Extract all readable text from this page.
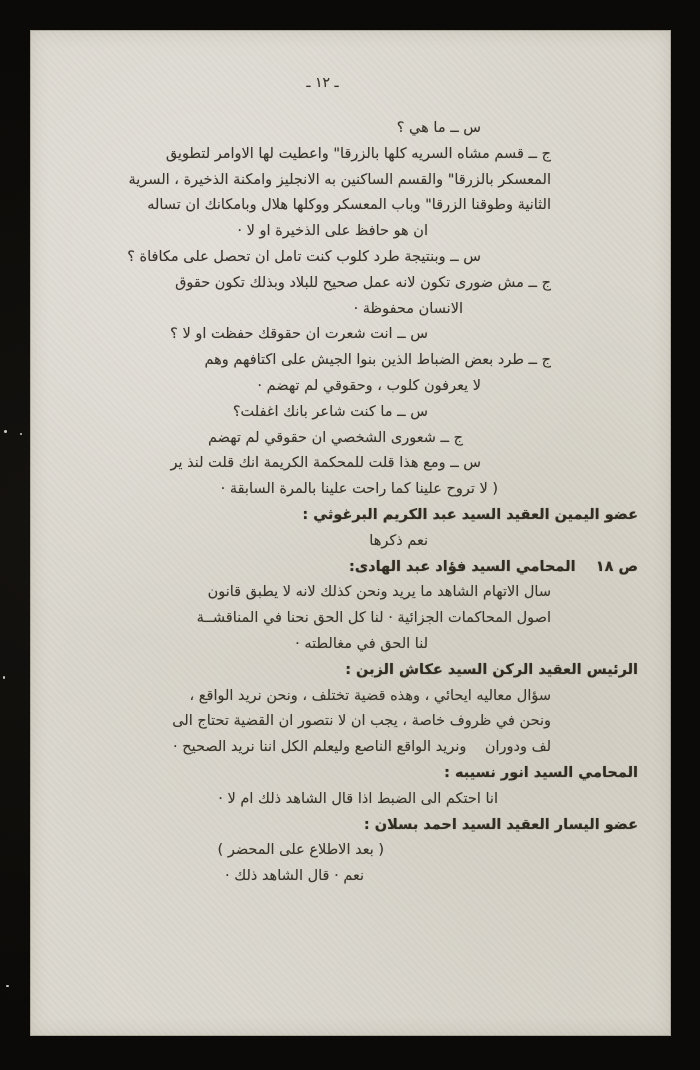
ـ ١٢ ـ
س ــ ما هي ؟
ج ــ قسم مشاه السريه كلها بالزرقا" واعطيت لها الاوامر لتطويق
المعسكر بالزرقا" والقسم الساكنين به الانجليز وامكنة الذخيرة ، السرية
الثانية وطوقنا الزرقا" وباب المعسكر ووكلها هلال وبامكانك ان تساله
ان هو حافظ على الذخيرة او لا ·
س ــ وبنتيجة طرد كلوب كنت تامل ان تحصل على مكافاة ؟
ج ــ مش ضورى تكون لانه عمل صحيح للبلاد وبذلك تكون حقوق
الانسان محفوظة ·
س ــ انت شعرت ان حقوقك حفظت او لا ؟
ج ــ طرد بعض الضباط الذين بنوا الجيش على اكتافهم وهم
لا يعرفون كلوب ، وحقوقي لم تهضم ·
س ــ ما كنت شاعر بانك اغفلت؟
ج ــ شعورى الشخصي ان حقوقي لم تهضم
س ــ ومع هذا قلت للمحكمة الكريمة انك قلت لنذ ير
( لا تروح علينا كما راحت علينا بالمرة السابقة ·
عضو اليمين العقيد السيد عبد الكريم البرغوثي :
نعم ذكرها
ص ١٨    المحامي السيد فؤاد عبد الهادى:
سال الاتهام الشاهد ما يريد ونحن كذلك لانه لا يطبق قانون
اصول المحاكمات الجزائية · لنا كل الحق نحنا في المناقشــة
لنا الحق في مغالطته ·
الرئيس العقيد الركن السيد عكاش الزبن :
سؤال معاليه ايحائي ، وهذه قضية تختلف ، ونحن نريد الواقع ،
ونحن في ظروف خاصة ، يجب ان لا نتصور ان القضية تحتاج الى
لف ودوران    ونريد الواقع الناصع وليعلم الكل اننا نريد الصحيح ·
المحامي السيد انور نسيبه :
انا احتكم الى الضبط اذا قال الشاهد ذلك ام لا ·
عضو اليسار العقيد السيد احمد بسلان :
( بعد الاطلاع على المحضر )
نعم · قال الشاهد ذلك ·
